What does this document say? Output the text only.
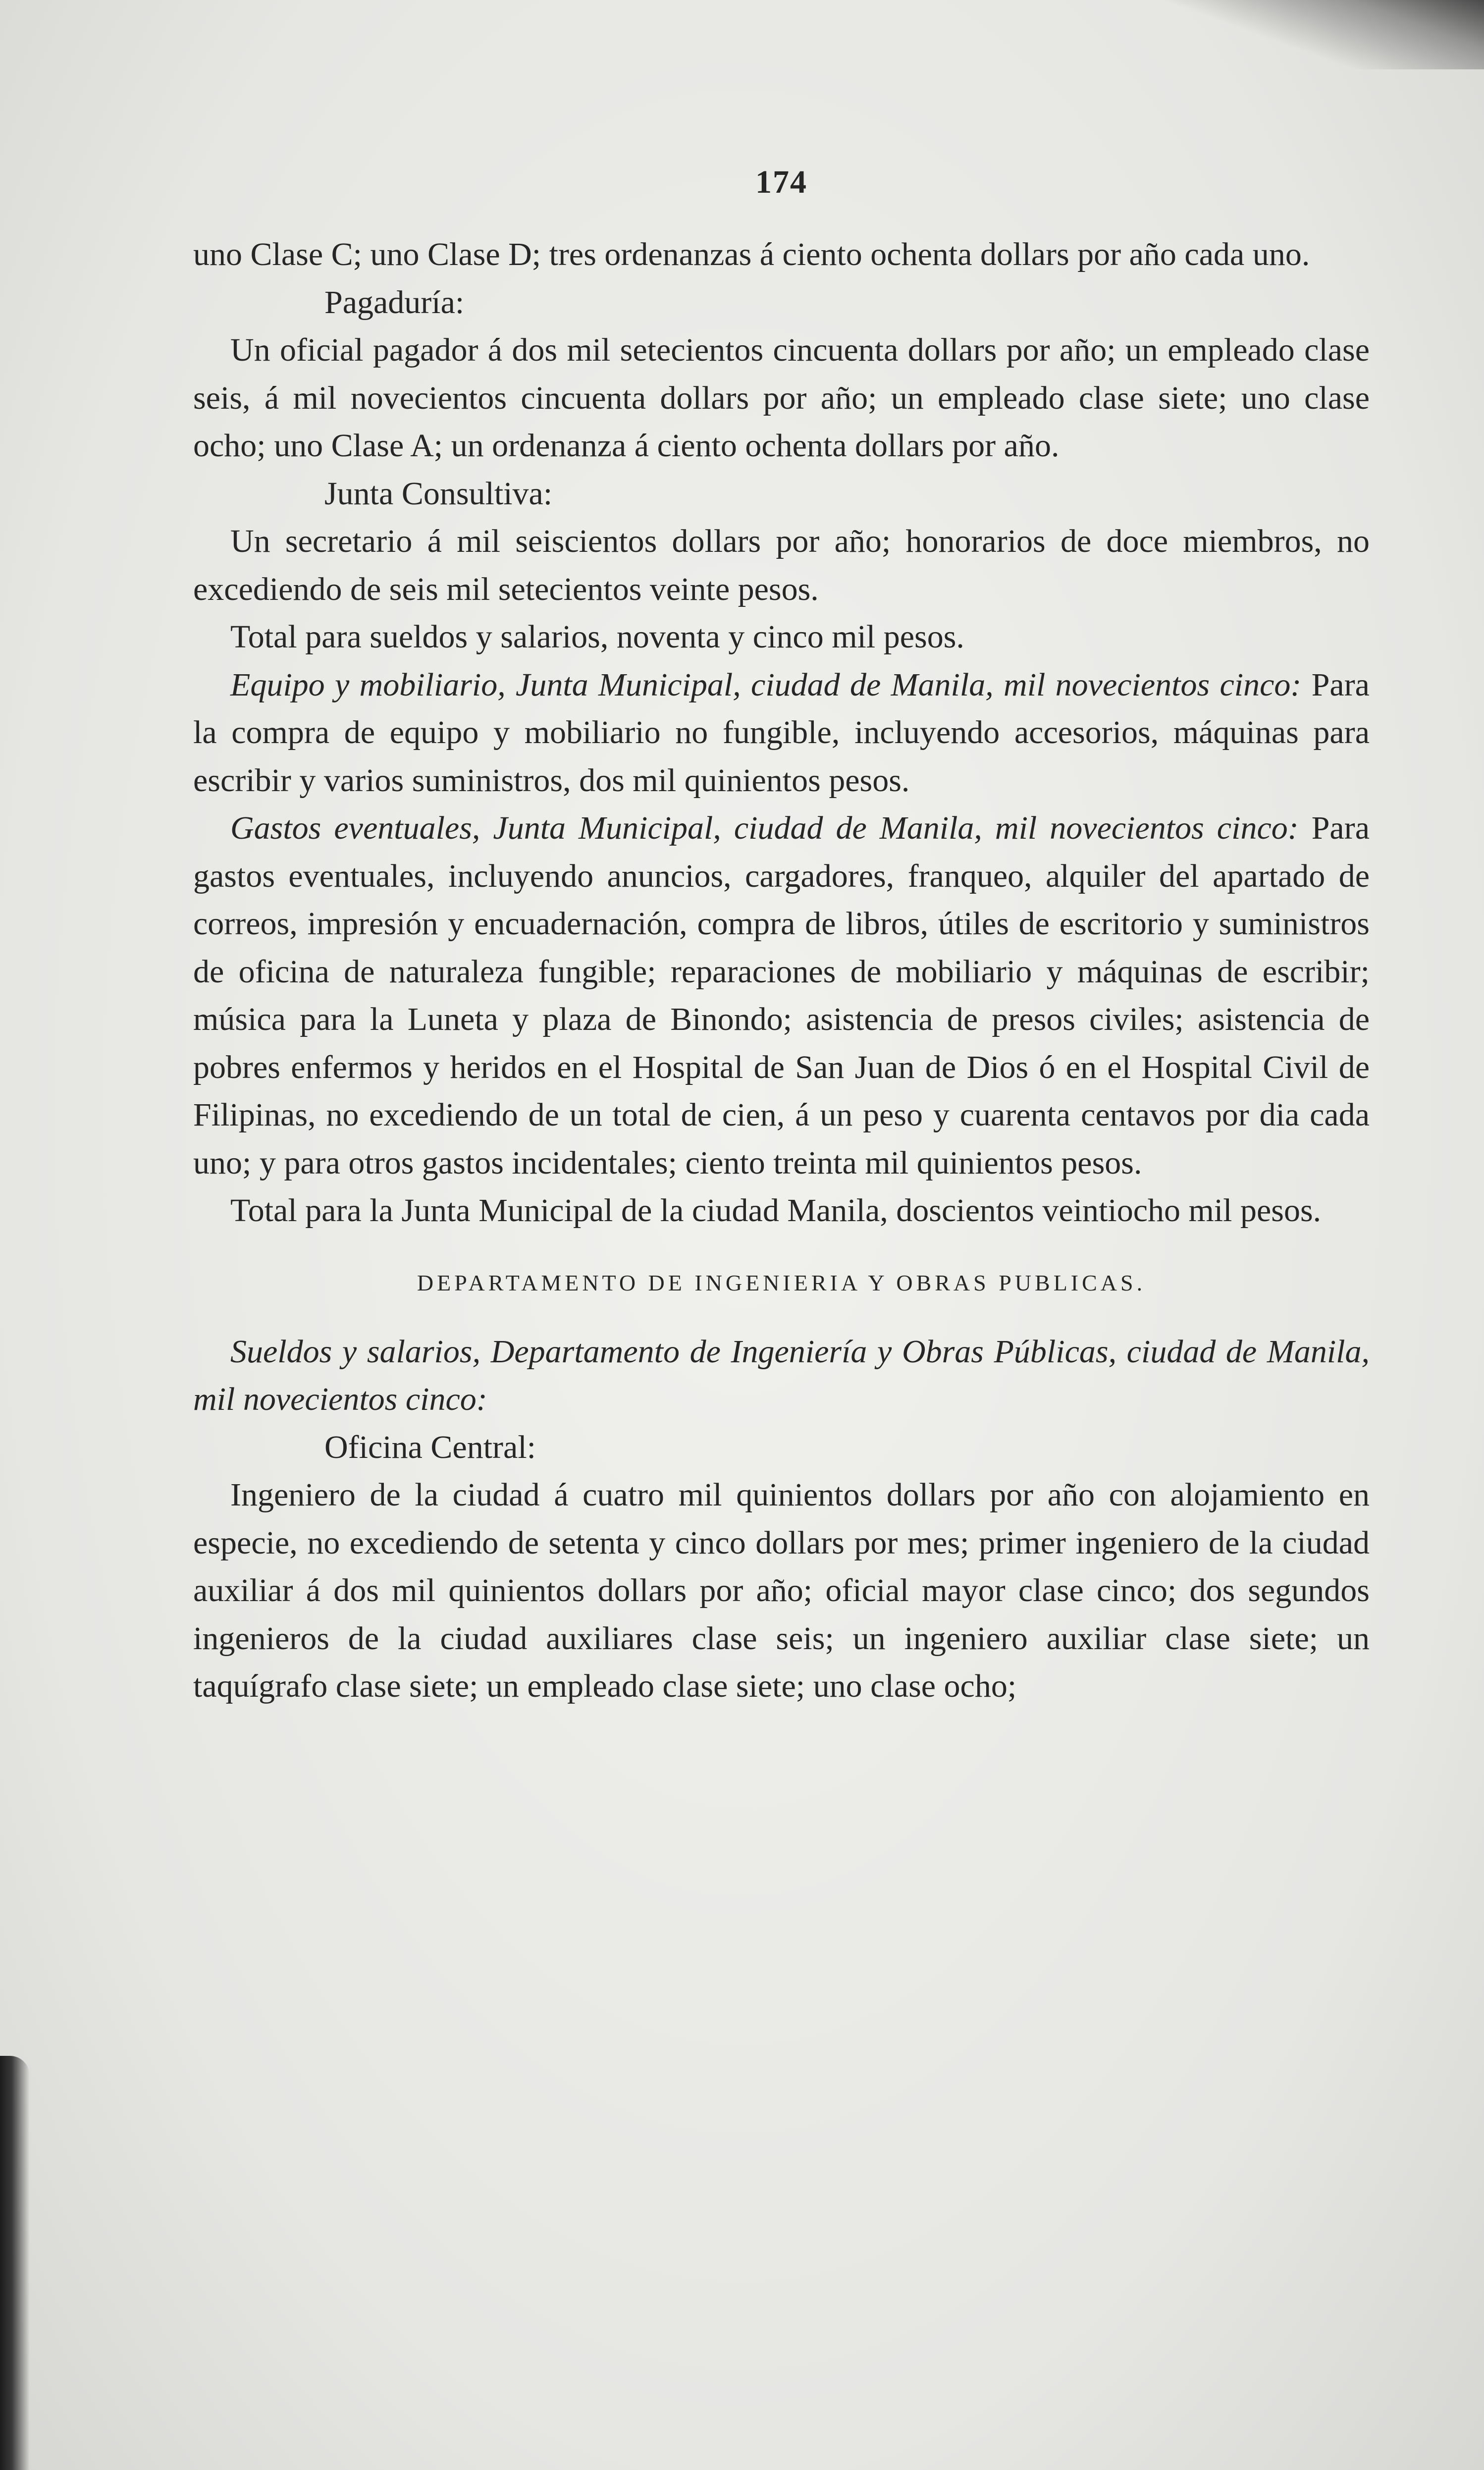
174

uno Clase C; uno Clase D; tres ordenanzas á ciento ochenta dollars por año cada uno.

Pagaduría:

Un oficial pagador á dos mil setecientos cincuenta dollars por año; un empleado clase seis, á mil novecientos cincuenta dollars por año; un empleado clase siete; uno clase ocho; uno Clase A; un ordenanza á ciento ochenta dollars por año.

Junta Consultiva:

Un secretario á mil seiscientos dollars por año; honorarios de doce miembros, no excediendo de seis mil setecientos veinte pesos.

Total para sueldos y salarios, noventa y cinco mil pesos.

Equipo y mobiliario, Junta Municipal, ciudad de Manila, mil novecientos cinco: Para la compra de equipo y mobiliario no fungible, incluyendo accesorios, máquinas para escribir y varios suministros, dos mil quinientos pesos.

Gastos eventuales, Junta Municipal, ciudad de Manila, mil novecientos cinco: Para gastos eventuales, incluyendo anuncios, cargadores, franqueo, alquiler del apartado de correos, impresión y encuadernación, compra de libros, útiles de escritorio y suministros de oficina de naturaleza fungible; reparaciones de mobiliario y máquinas de escribir; música para la Luneta y plaza de Binondo; asistencia de presos civiles; asistencia de pobres enfermos y heridos en el Hospital de San Juan de Dios ó en el Hospital Civil de Filipinas, no excediendo de un total de cien, á un peso y cuarenta centavos por dia cada uno; y para otros gastos incidentales; ciento treinta mil quinientos pesos.

Total para la Junta Municipal de la ciudad Manila, doscientos veintiocho mil pesos.

DEPARTAMENTO DE INGENIERIA Y OBRAS PUBLICAS.

Sueldos y salarios, Departamento de Ingeniería y Obras Públicas, ciudad de Manila, mil novecientos cinco:

Oficina Central:

Ingeniero de la ciudad á cuatro mil quinientos dollars por año con alojamiento en especie, no excediendo de setenta y cinco dollars por mes; primer ingeniero de la ciudad auxiliar á dos mil quinientos dollars por año; oficial mayor clase cinco; dos segundos ingenieros de la ciudad auxiliares clase seis; un ingeniero auxiliar clase siete; un taquígrafo clase siete; un empleado clase siete; uno clase ocho;
